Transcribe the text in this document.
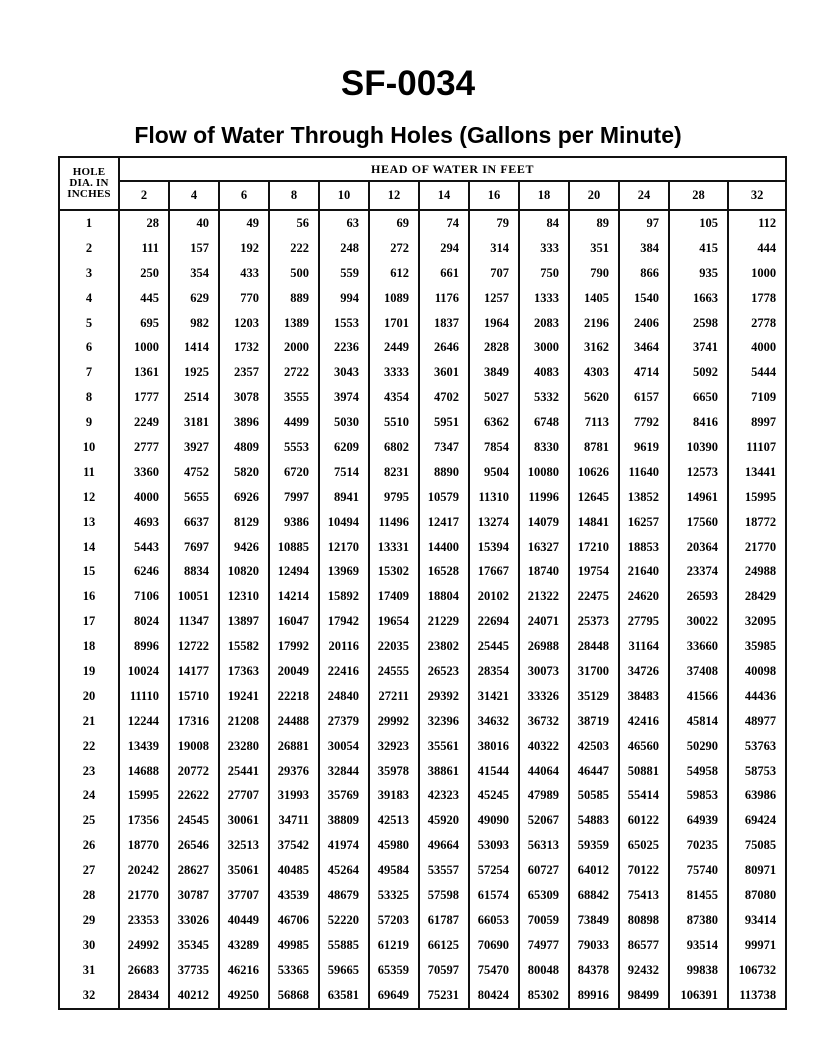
SF-0034
Flow of Water Through Holes (Gallons per Minute)
HOLE
DIA. IN
INCHES	HEAD OF WATER IN FEET												
	2	4	6	8	10	12	14	16	18	20	24	28	32
1	28	40	49	56	63	69	74	79	84	89	97	105	112
2	111	157	192	222	248	272	294	314	333	351	384	415	444
3	250	354	433	500	559	612	661	707	750	790	866	935	1000
4	445	629	770	889	994	1089	1176	1257	1333	1405	1540	1663	1778
5	695	982	1203	1389	1553	1701	1837	1964	2083	2196	2406	2598	2778
6	1000	1414	1732	2000	2236	2449	2646	2828	3000	3162	3464	3741	4000
7	1361	1925	2357	2722	3043	3333	3601	3849	4083	4303	4714	5092	5444
8	1777	2514	3078	3555	3974	4354	4702	5027	5332	5620	6157	6650	7109
9	2249	3181	3896	4499	5030	5510	5951	6362	6748	7113	7792	8416	8997
10	2777	3927	4809	5553	6209	6802	7347	7854	8330	8781	9619	10390	11107
11	3360	4752	5820	6720	7514	8231	8890	9504	10080	10626	11640	12573	13441
12	4000	5655	6926	7997	8941	9795	10579	11310	11996	12645	13852	14961	15995
13	4693	6637	8129	9386	10494	11496	12417	13274	14079	14841	16257	17560	18772
14	5443	7697	9426	10885	12170	13331	14400	15394	16327	17210	18853	20364	21770
15	6246	8834	10820	12494	13969	15302	16528	17667	18740	19754	21640	23374	24988
16	7106	10051	12310	14214	15892	17409	18804	20102	21322	22475	24620	26593	28429
17	8024	11347	13897	16047	17942	19654	21229	22694	24071	25373	27795	30022	32095
18	8996	12722	15582	17992	20116	22035	23802	25445	26988	28448	31164	33660	35985
19	10024	14177	17363	20049	22416	24555	26523	28354	30073	31700	34726	37408	40098
20	11110	15710	19241	22218	24840	27211	29392	31421	33326	35129	38483	41566	44436
21	12244	17316	21208	24488	27379	29992	32396	34632	36732	38719	42416	45814	48977
22	13439	19008	23280	26881	30054	32923	35561	38016	40322	42503	46560	50290	53763
23	14688	20772	25441	29376	32844	35978	38861	41544	44064	46447	50881	54958	58753
24	15995	22622	27707	31993	35769	39183	42323	45245	47989	50585	55414	59853	63986
25	17356	24545	30061	34711	38809	42513	45920	49090	52067	54883	60122	64939	69424
26	18770	26546	32513	37542	41974	45980	49664	53093	56313	59359	65025	70235	75085
27	20242	28627	35061	40485	45264	49584	53557	57254	60727	64012	70122	75740	80971
28	21770	30787	37707	43539	48679	53325	57598	61574	65309	68842	75413	81455	87080
29	23353	33026	40449	46706	52220	57203	61787	66053	70059	73849	80898	87380	93414
30	24992	35345	43289	49985	55885	61219	66125	70690	74977	79033	86577	93514	99971
31	26683	37735	46216	53365	59665	65359	70597	75470	80048	84378	92432	99838	106732
32	28434	40212	49250	56868	63581	69649	75231	80424	85302	89916	98499	106391	113738
